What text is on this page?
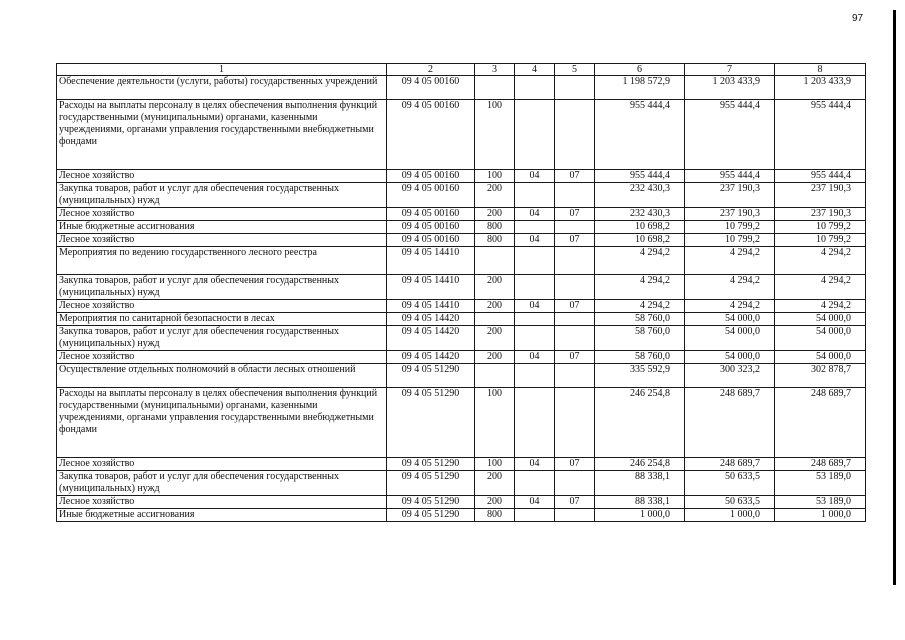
97
1	2	3	4	5	6	7	8
Обеспечение деятельности (услуги, работы) государственных учреждений	09 4 05 00160				1 198 572,9	1 203 433,9	1 203 433,9
Расходы на выплаты персоналу в целях обеспечения выполнения функций государственными (муниципальными) органами, казенными учреждениями, органами управления государственными внебюджетными фондами	09 4 05 00160	100			955 444,4	955 444,4	955 444,4
Лесное хозяйство	09 4 05 00160	100	04	07	955 444,4	955 444,4	955 444,4
Закупка товаров, работ и услуг для обеспечения государственных (муниципальных) нужд	09 4 05 00160	200			232 430,3	237 190,3	237 190,3
Лесное хозяйство	09 4 05 00160	200	04	07	232 430,3	237 190,3	237 190,3
Иные бюджетные ассигнования	09 4 05 00160	800			10 698,2	10 799,2	10 799,2
Лесное хозяйство	09 4 05 00160	800	04	07	10 698,2	10 799,2	10 799,2
Мероприятия по ведению государственного лесного реестра	09 4 05 14410				4 294,2	4 294,2	4 294,2
Закупка товаров, работ и услуг для обеспечения государственных (муниципальных) нужд	09 4 05 14410	200			4 294,2	4 294,2	4 294,2
Лесное хозяйство	09 4 05 14410	200	04	07	4 294,2	4 294,2	4 294,2
Мероприятия по санитарной безопасности в лесах	09 4 05 14420				58 760,0	54 000,0	54 000,0
Закупка товаров, работ и услуг для обеспечения государственных (муниципальных) нужд	09 4 05 14420	200			58 760,0	54 000,0	54 000,0
Лесное хозяйство	09 4 05 14420	200	04	07	58 760,0	54 000,0	54 000,0
Осуществление отдельных полномочий в области лесных отношений	09 4 05 51290				335 592,9	300 323,2	302 878,7
Расходы на выплаты персоналу в целях обеспечения выполнения функций государственными (муниципальными) органами, казенными учреждениями, органами управления государственными внебюджетными фондами	09 4 05 51290	100			246 254,8	248 689,7	248 689,7
Лесное хозяйство	09 4 05 51290	100	04	07	246 254,8	248 689,7	248 689,7
Закупка товаров, работ и услуг для обеспечения государственных (муниципальных) нужд	09 4 05 51290	200			88 338,1	50 633,5	53 189,0
Лесное хозяйство	09 4 05 51290	200	04	07	88 338,1	50 633,5	53 189,0
Иные бюджетные ассигнования	09 4 05 51290	800			1 000,0	1 000,0	1 000,0
